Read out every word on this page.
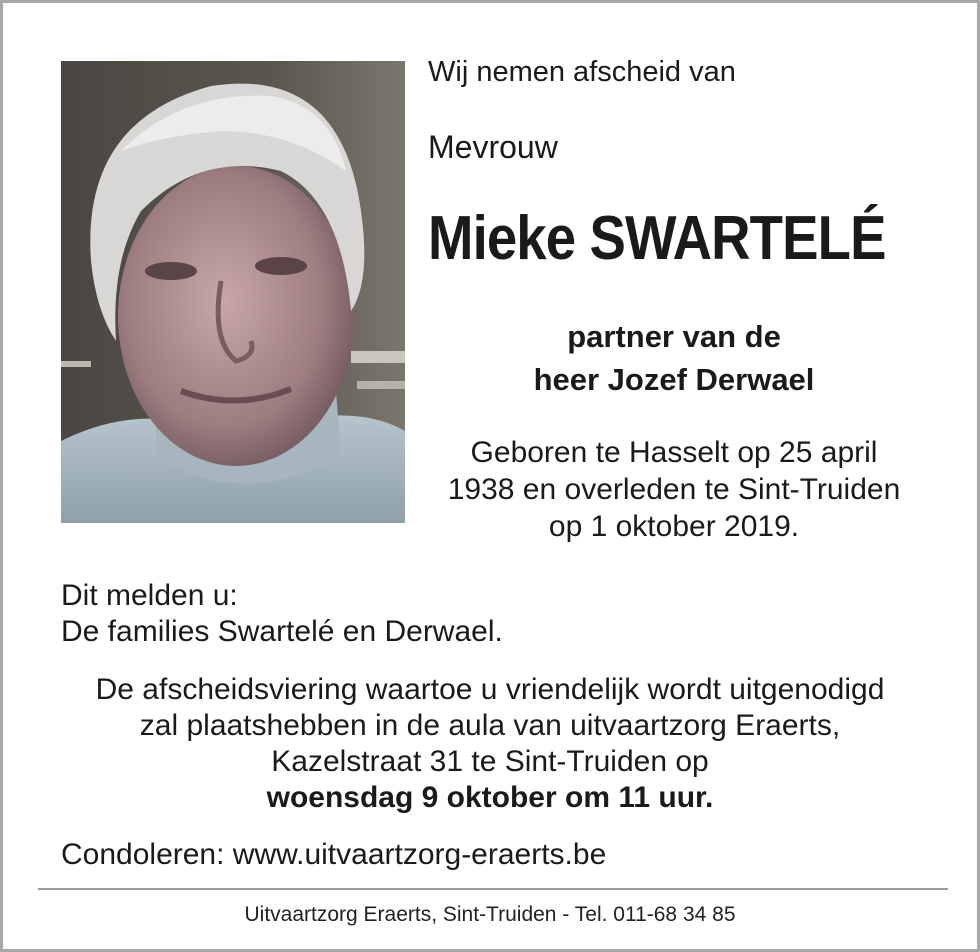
Wij nemen afscheid van

Mevrouw

Mieke SWARTELÉ
partner van de
heer Jozef Derwael
Geboren te Hasselt op 25 april
1938 en overleden te Sint-Truiden
op 1 oktober 2019.
Dit melden u:
De families Swartelé en Derwael.
De afscheidsviering waartoe u vriendelijk wordt uitgenodigd
zal plaatshebben in de aula van uitvaartzorg Eraerts,
Kazelstraat 31 te Sint-Truiden op
woensdag 9 oktober om 11 uur.
Condoleren: www.uitvaartzorg-eraerts.be
Uitvaartzorg Eraerts, Sint-Truiden - Tel. 011-68 34 85
